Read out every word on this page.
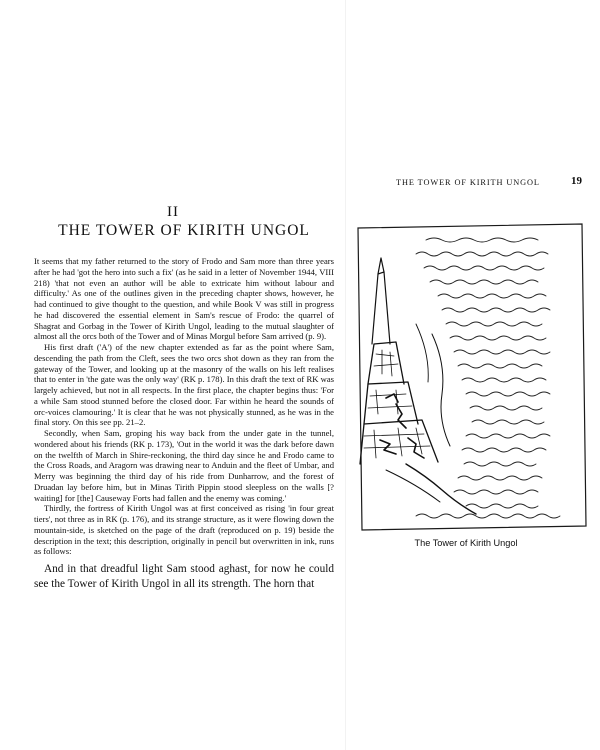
II
THE TOWER OF KIRITH UNGOL

It seems that my father returned to the story of Frodo and Sam more than three years after he had 'got the hero into such a fix' (as he said in a letter of November 1944, VIII 218) 'that not even an author will be able to extricate him without labour and difficulty.' As one of the outlines given in the preceding chapter shows, however, he had continued to give thought to the question, and while Book V was still in progress he had discovered the essential element in Sam's rescue of Frodo: the quarrel of Shagrat and Gorbag in the Tower of Kirith Ungol, leading to the mutual slaughter of almost all the orcs both of the Tower and of Minas Morgul before Sam arrived (p. 9).

His first draft ('A') of the new chapter extended as far as the point where Sam, descending the path from the Cleft, sees the two orcs shot down as they ran from the gateway of the Tower, and looking up at the masonry of the walls on his left realises that to enter in 'the gate was the only way' (RK p. 178). In this draft the text of RK was largely achieved, but not in all respects. In the first place, the chapter begins thus: 'For a while Sam stood stunned before the closed door. Far within he heard the sounds of orc-voices clamouring.' It is clear that he was not physically stunned, as he was in the final story. On this see pp. 21–2.

Secondly, when Sam, groping his way back from the under gate in the tunnel, wondered about his friends (RK p. 173), 'Out in the world it was the dark before dawn on the twelfth of March in Shire-reckoning, the third day since he and Frodo came to the Cross Roads, and Aragorn was drawing near to Anduin and the fleet of Umbar, and Merry was beginning the third day of his ride from Dunharrow, and the forest of Druadan lay before him, but in Minas Tirith Pippin stood sleepless on the walls [?waiting] for [the] Causeway Forts had fallen and the enemy was coming.'

Thirdly, the fortress of Kirith Ungol was at first conceived as rising 'in four great tiers', not three as in RK (p. 176), and its strange structure, as it were flowing down the mountain-side, is sketched on the page of the draft (reproduced on p. 19) beside the description in the text; this description, originally in pencil but overwritten in ink, runs as follows:

And in that dreadful light Sam stood aghast, for now he could see the Tower of Kirith Ungol in all its strength. The horn that

THE TOWER OF KIRITH UNGOL	19
The Tower of Kirith Ungol
